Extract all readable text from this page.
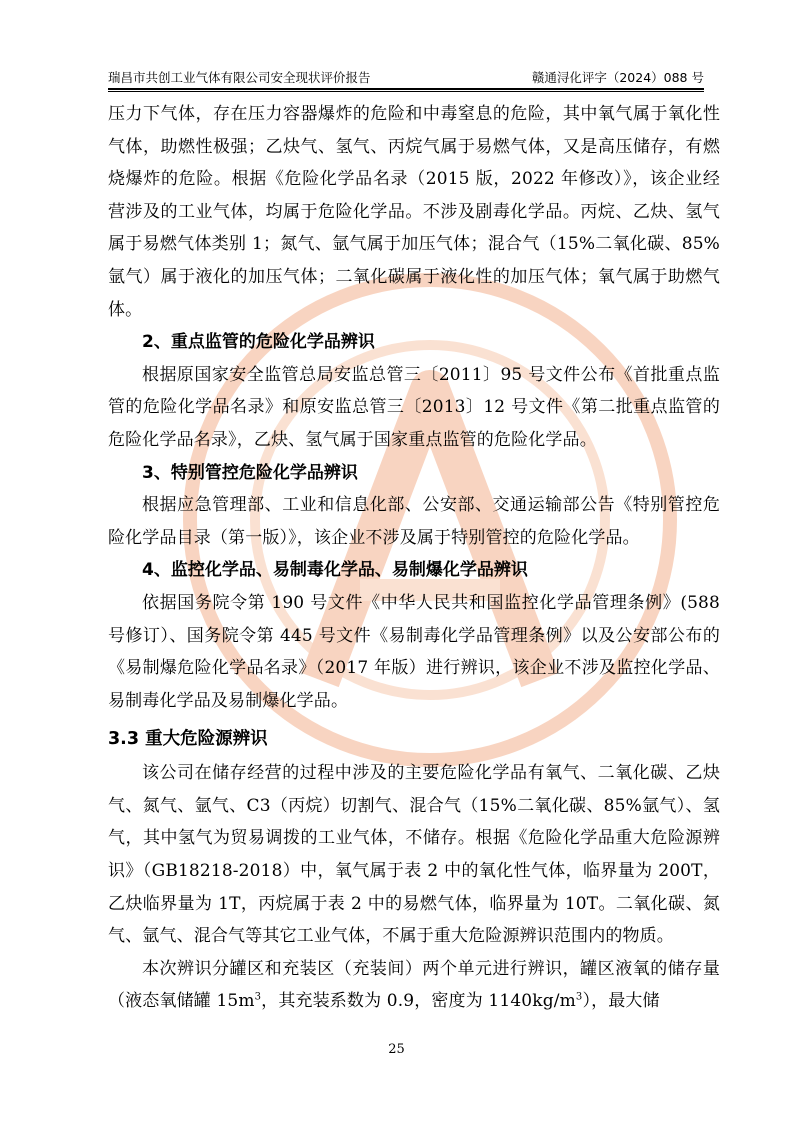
瑞昌市共创工业气体有限公司安全现状评价报告	赣通浔化评字（2024）088 号

压力下气体，存在压力容器爆炸的危险和中毒窒息的危险，其中氧气属于氧化性气体，助燃性极强；乙炔气、氢气、丙烷气属于易燃气体，又是高压储存，有燃烧爆炸的危险。根据《危险化学品名录（2015 版，2022 年修改）》，该企业经营涉及的工业气体，均属于危险化学品。不涉及剧毒化学品。丙烷、乙炔、氢气属于易燃气体类别 1；氮气、氩气属于加压气体；混合气（15%二氧化碳、85%氩气）属于液化的加压气体；二氧化碳属于液化性的加压气体；氧气属于助燃气体。

2、重点监管的危险化学品辨识

根据原国家安全监管总局安监总管三〔2011〕95 号文件公布《首批重点监管的危险化学品名录》和原安监总管三〔2013〕12 号文件《第二批重点监管的危险化学品名录》，乙炔、氢气属于国家重点监管的危险化学品。

3、特别管控危险化学品辨识

根据应急管理部、工业和信息化部、公安部、交通运输部公告《特别管控危险化学品目录（第一版）》，该企业不涉及属于特别管控的危险化学品。

4、监控化学品、易制毒化学品、易制爆化学品辨识

依据国务院令第 190 号文件《中华人民共和国监控化学品管理条例》(588 号修订）、国务院令第 445 号文件《易制毒化学品管理条例》以及公安部公布的《易制爆危险化学品名录》（2017 年版）进行辨识，该企业不涉及监控化学品、易制毒化学品及易制爆化学品。

3.3 重大危险源辨识

该公司在储存经营的过程中涉及的主要危险化学品有氧气、二氧化碳、乙炔气、氮气、氩气、C3（丙烷）切割气、混合气（15%二氧化碳、85%氩气）、氢气，其中氢气为贸易调拨的工业气体，不储存。根据《危险化学品重大危险源辨识》（GB18218-2018）中，氧气属于表 2 中的氧化性气体，临界量为 200T，乙炔临界量为 1T，丙烷属于表 2 中的易燃气体，临界量为 10T。二氧化碳、氮气、氩气、混合气等其它工业气体，不属于重大危险源辨识范围内的物质。

本次辨识分罐区和充装区（充装间）两个单元进行辨识，罐区液氧的储存量（液态氧储罐 $15m^3$，其充装系数为 0.9，密度为 $1140kg/m^3$），最大储

25
